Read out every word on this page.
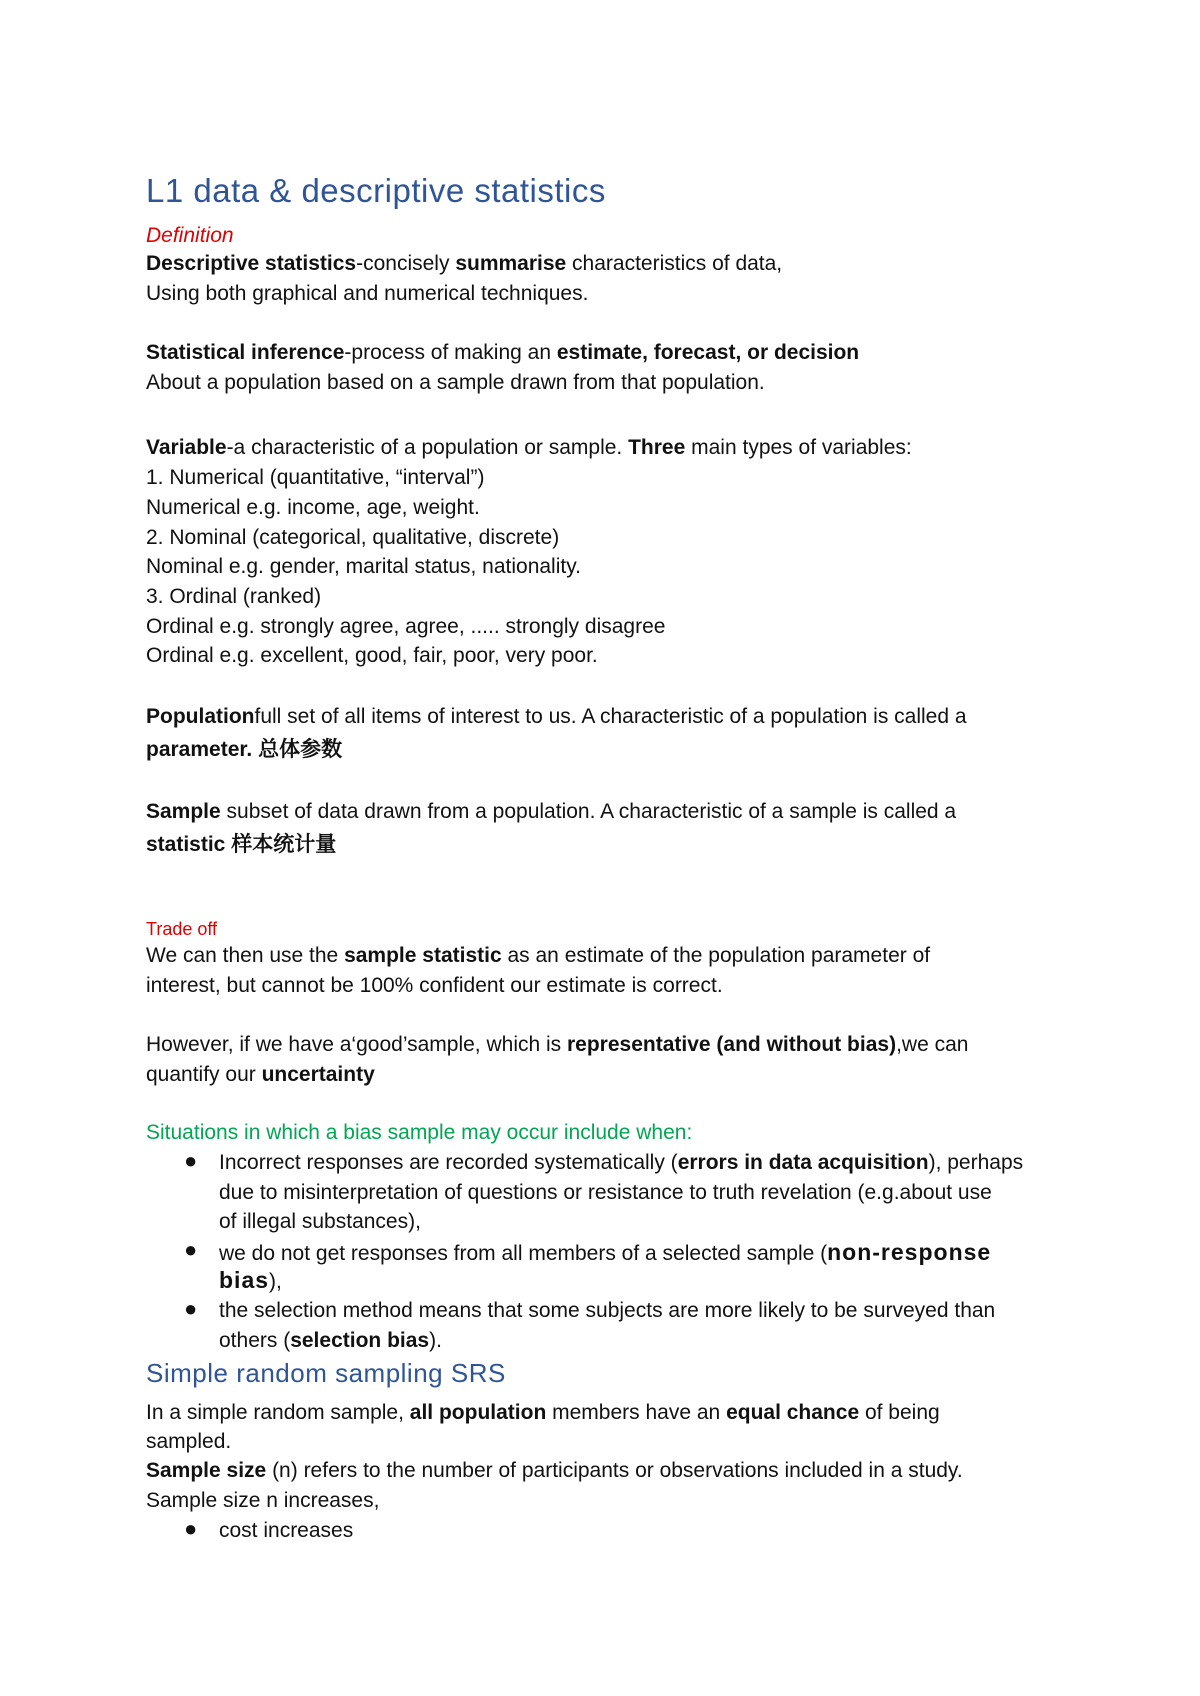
L1 data & descriptive statistics
Definition
Descriptive statistics-concisely summarise characteristics of data,
Using both graphical and numerical techniques.
Statistical inference-process of making an estimate, forecast, or decision
About a population based on a sample drawn from that population.
Variable-a characteristic of a population or sample. Three main types of variables:
1. Numerical (quantitative, “interval”)
Numerical e.g. income, age, weight.
2. Nominal (categorical, qualitative, discrete)
Nominal e.g. gender, marital status, nationality.
3. Ordinal (ranked)
Ordinal e.g. strongly agree, agree, ..... strongly disagree
Ordinal e.g. excellent, good, fair, poor, very poor.
Populationfull set of all items of interest to us. A characteristic of a population is called a
parameter. 总体参数
Sample subset of data drawn from a population. A characteristic of a sample is called a
statistic 样本统计量
Trade off
We can then use the sample statistic as an estimate of the population parameter of
interest, but cannot be 100% confident our estimate is correct.
However, if we have a‘good’sample, which is representative (and without bias),we can
quantify our uncertainty
Situations in which a bias sample may occur include when:
● Incorrect responses are recorded systematically (errors in data acquisition), perhaps
due to misinterpretation of questions or resistance to truth revelation (e.g.about use
of illegal substances),
● we do not get responses from all members of a selected sample (non-response
bias),
● the selection method means that some subjects are more likely to be surveyed than
others (selection bias).
Simple random sampling SRS
In a simple random sample, all population members have an equal chance of being
sampled.
Sample size (n) refers to the number of participants or observations included in a study.
Sample size n increases,
● cost increases
